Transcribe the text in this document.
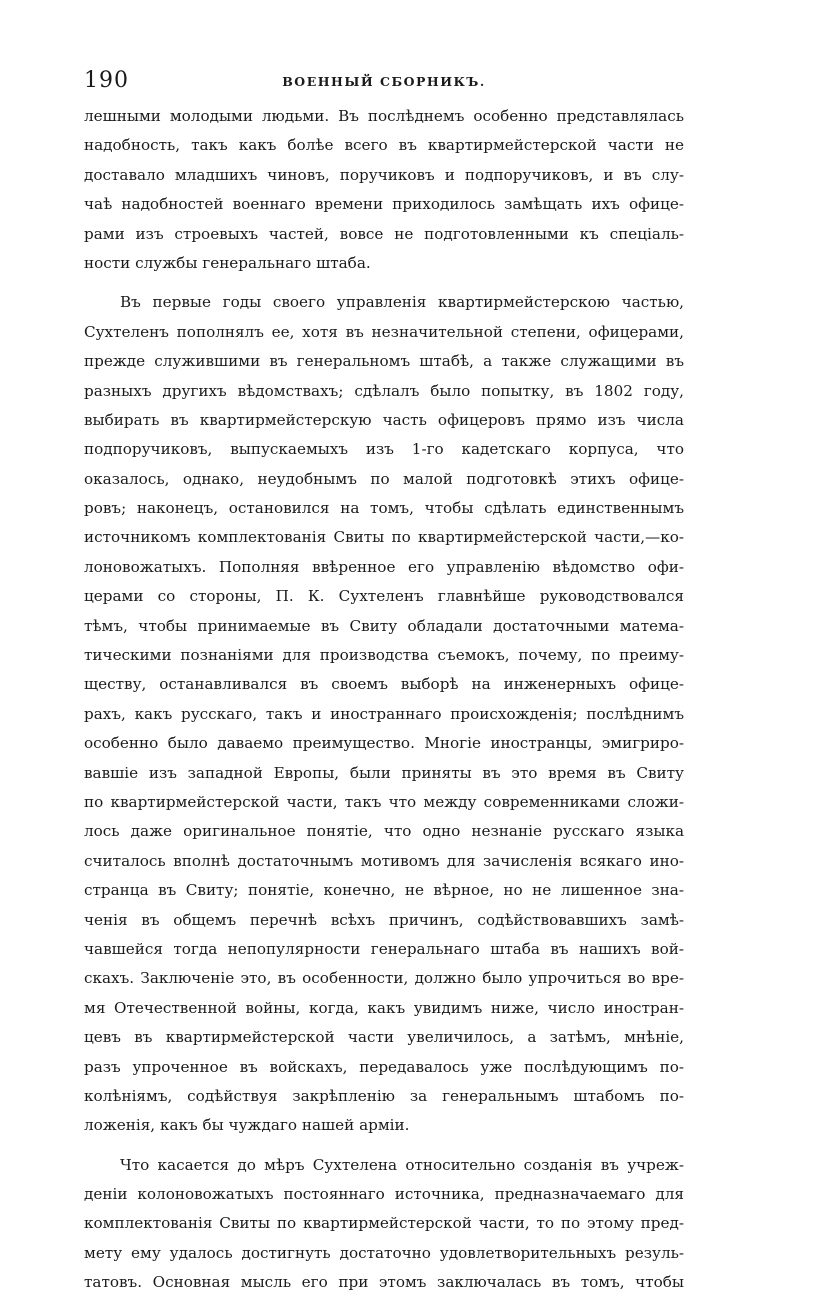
190	ВОЕННЫЙ СБОРНИКЪ.
лешными молодыми людьми. Въ послѣднемъ особенно представлялась
надобность, такъ какъ болѣе всего въ квартирмейстерской части не
доставало младшихъ чиновъ, поручиковъ и подпоручиковъ, и въ слу-
чаѣ надобностей военнаго времени приходилось замѣщать ихъ офице-
рами изъ строевыхъ частей, вовсе не подготовленными къ спеціаль-
ности службы генеральнаго штаба.
Въ первые годы своего управленія квартирмейстерскою частью,
Сухтеленъ пополнялъ ее, хотя въ незначительной степени, офицерами,
прежде служившими въ генеральномъ штабѣ, а также служащими въ
разныхъ другихъ вѣдомствахъ; сдѣлалъ было попытку, въ 1802 году,
выбирать въ квартирмейстерскую часть офицеровъ прямо изъ числа
подпоручиковъ, выпускаемыхъ изъ 1-го кадетскаго корпуса, что
оказалось, однако, неудобнымъ по малой подготовкѣ этихъ офице-
ровъ; наконецъ, остановился на томъ, чтобы сдѣлать единственнымъ
источникомъ комплектованія Свиты по квартирмейстерской части,—ко-
лоновожатыхъ. Пополняя ввѣренное его управленію вѣдомство офи-
церами со стороны, П. К. Сухтеленъ главнѣйше руководствовался
тѣмъ, чтобы принимаемые въ Свиту обладали достаточными матема-
тическими познаніями для производства съемокъ, почему, по преиму-
ществу, останавливался въ своемъ выборѣ на инженерныхъ офице-
рахъ, какъ русскаго, такъ и иностраннаго происхожденія; послѣднимъ
особенно было даваемо преимущество. Многіе иностранцы, эмигриро-
вавшіе изъ западной Европы, были приняты въ это время въ Свиту
по квартирмейстерской части, такъ что между современниками сложи-
лось даже оригинальное понятіе, что одно незнаніе русскаго языка
считалось вполнѣ достаточнымъ мотивомъ для зачисленія всякаго ино-
странца въ Свиту; понятіе, конечно, не вѣрное, но не лишенное зна-
ченія въ общемъ перечнѣ всѣхъ причинъ, содѣйствовавшихъ замѣ-
чавшейся тогда непопулярности генеральнаго штаба въ нашихъ вой-
скахъ. Заключеніе это, въ особенности, должно было упрочиться во вре-
мя Отечественной войны, когда, какъ увидимъ ниже, число иностран-
цевъ въ квартирмейстерской части увеличилось, а затѣмъ, мнѣніе,
разъ упроченное въ войскахъ, передавалось уже послѣдующимъ по-
колѣніямъ, содѣйствуя закрѣпленію за генеральнымъ штабомъ по-
ложенія, какъ бы чуждаго нашей арміи.
Что касается до мѣръ Сухтелена относительно созданія въ учреж-
деніи колоновожатыхъ постояннаго источника, предназначаемаго для
комплектованія Свиты по квартирмейстерской части, то по этому пред-
мету ему удалось достигнуть достаточно удовлетворительныхъ резуль-
татовъ. Основная мысль его при этомъ заключалась въ томъ, чтобы
